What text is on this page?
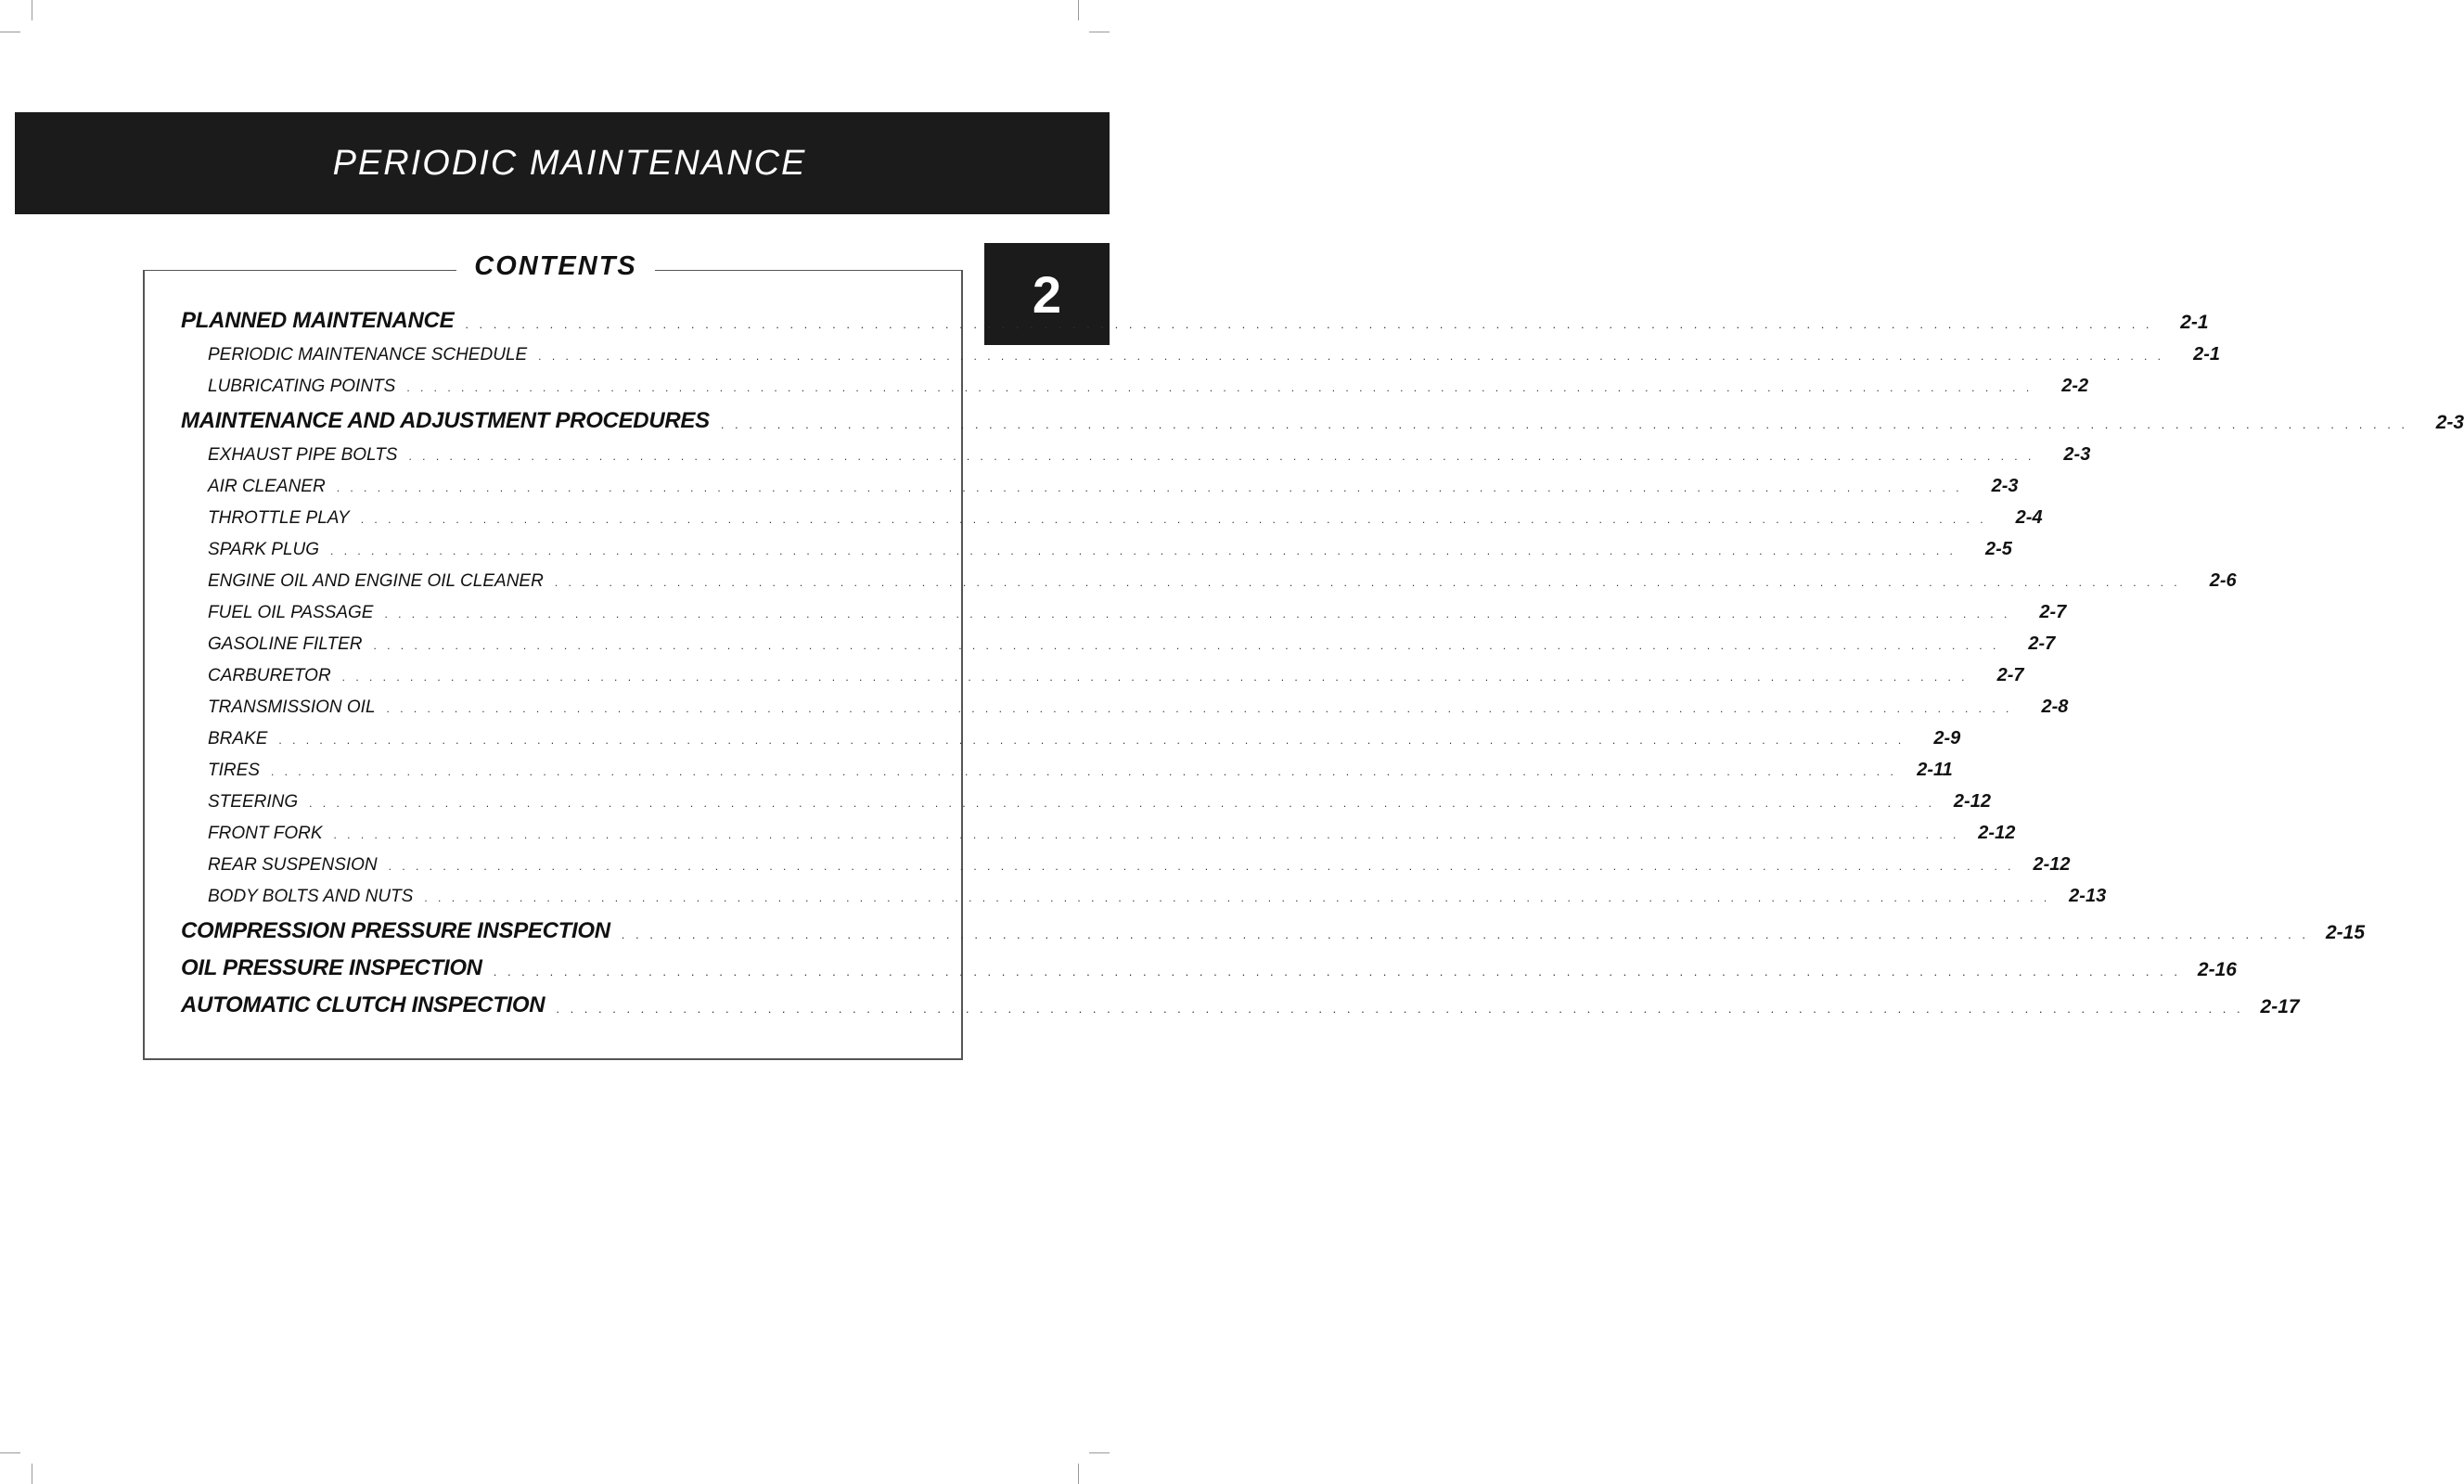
PERIODIC MAINTENANCE
2
CONTENTS
PLANNED MAINTENANCE . . . . . . . . . . . . . . . . . . . . . . . . . . . . . . . . . . . . . . . . . . . . . . . . . . . . . . . . . . . . . . . . . . . . . . . . . . . . . . . . . . . . . . . . . . . . . . . . . . . . . . . . . . . . . . . . . . . . . . . .	2-1
PERIODIC MAINTENANCE SCHEDULE . . . . . . . . . . . . . . . . . . . . . . . . . . . . . . . . . . . . . . . . . . . . . . . . . . . . . . . . . . . . . . . . . . . . . . . . . . . . . . . . . . . . . . . . . . . . . . . . . . . . . . . . . . . . . . . . . . . . . . . .	2-1
LUBRICATING POINTS . . . . . . . . . . . . . . . . . . . . . . . . . . . . . . . . . . . . . . . . . . . . . . . . . . . . . . . . . . . . . . . . . . . . . . . . . . . . . . . . . . . . . . . . . . . . . . . . . . . . . . . . . . . . . . . . . . . . . . . .	2-2
MAINTENANCE AND ADJUSTMENT PROCEDURES . . . . . . . . . . . . . . . . . . . . . . . . . . . . . . . . . . . . . . . . . . . . . . . . . . . . . . . . . . . . . . . . . . . . . . . . . . . . . . . . . . . . . . . . . . . . . . . . . . . . . . . . . . . . . . . . . . . . . . . .	2-3
EXHAUST PIPE BOLTS . . . . . . . . . . . . . . . . . . . . . . . . . . . . . . . . . . . . . . . . . . . . . . . . . . . . . . . . . . . . . . . . . . . . . . . . . . . . . . . . . . . . . . . . . . . . . . . . . . . . . . . . . . . . . . . . . . . . . . . .	2-3
AIR CLEANER . . . . . . . . . . . . . . . . . . . . . . . . . . . . . . . . . . . . . . . . . . . . . . . . . . . . . . . . . . . . . . . . . . . . . . . . . . . . . . . . . . . . . . . . . . . . . . . . . . . . . . . . . . . . . . . . . . . . . . . .	2-3
THROTTLE PLAY . . . . . . . . . . . . . . . . . . . . . . . . . . . . . . . . . . . . . . . . . . . . . . . . . . . . . . . . . . . . . . . . . . . . . . . . . . . . . . . . . . . . . . . . . . . . . . . . . . . . . . . . . . . . . . . . . . . . . . . .	2-4
SPARK PLUG . . . . . . . . . . . . . . . . . . . . . . . . . . . . . . . . . . . . . . . . . . . . . . . . . . . . . . . . . . . . . . . . . . . . . . . . . . . . . . . . . . . . . . . . . . . . . . . . . . . . . . . . . . . . . . . . . . . . . . . .	2-5
ENGINE OIL AND ENGINE OIL CLEANER . . . . . . . . . . . . . . . . . . . . . . . . . . . . . . . . . . . . . . . . . . . . . . . . . . . . . . . . . . . . . . . . . . . . . . . . . . . . . . . . . . . . . . . . . . . . . . . . . . . . . . . . . . . . . . . . . . . . . . . .	2-6
FUEL OIL PASSAGE . . . . . . . . . . . . . . . . . . . . . . . . . . . . . . . . . . . . . . . . . . . . . . . . . . . . . . . . . . . . . . . . . . . . . . . . . . . . . . . . . . . . . . . . . . . . . . . . . . . . . . . . . . . . . . . . . . . . . . . .	2-7
GASOLINE FILTER . . . . . . . . . . . . . . . . . . . . . . . . . . . . . . . . . . . . . . . . . . . . . . . . . . . . . . . . . . . . . . . . . . . . . . . . . . . . . . . . . . . . . . . . . . . . . . . . . . . . . . . . . . . . . . . . . . . . . . . .	2-7
CARBURETOR . . . . . . . . . . . . . . . . . . . . . . . . . . . . . . . . . . . . . . . . . . . . . . . . . . . . . . . . . . . . . . . . . . . . . . . . . . . . . . . . . . . . . . . . . . . . . . . . . . . . . . . . . . . . . . . . . . . . . . . .	2-7
TRANSMISSION OIL . . . . . . . . . . . . . . . . . . . . . . . . . . . . . . . . . . . . . . . . . . . . . . . . . . . . . . . . . . . . . . . . . . . . . . . . . . . . . . . . . . . . . . . . . . . . . . . . . . . . . . . . . . . . . . . . . . . . . . . .	2-8
BRAKE . . . . . . . . . . . . . . . . . . . . . . . . . . . . . . . . . . . . . . . . . . . . . . . . . . . . . . . . . . . . . . . . . . . . . . . . . . . . . . . . . . . . . . . . . . . . . . . . . . . . . . . . . . . . . . . . . . . . . . . .	2-9
TIRES . . . . . . . . . . . . . . . . . . . . . . . . . . . . . . . . . . . . . . . . . . . . . . . . . . . . . . . . . . . . . . . . . . . . . . . . . . . . . . . . . . . . . . . . . . . . . . . . . . . . . . . . . . . . . . . . . . . . . . . .	2-11
STEERING . . . . . . . . . . . . . . . . . . . . . . . . . . . . . . . . . . . . . . . . . . . . . . . . . . . . . . . . . . . . . . . . . . . . . . . . . . . . . . . . . . . . . . . . . . . . . . . . . . . . . . . . . . . . . . . . . . . . . . . . 2-12
FRONT FORK . . . . . . . . . . . . . . . . . . . . . . . . . . . . . . . . . . . . . . . . . . . . . . . . . . . . . . . . . . . . . . . . . . . . . . . . . . . . . . . . . . . . . . . . . . . . . . . . . . . . . . . . . . . . . . . . . . . . . . . . 2-12
REAR SUSPENSION . . . . . . . . . . . . . . . . . . . . . . . . . . . . . . . . . . . . . . . . . . . . . . . . . . . . . . . . . . . . . . . . . . . . . . . . . . . . . . . . . . . . . . . . . . . . . . . . . . . . . . . . . . . . . . . . . . . . . . . . 2-12
BODY BOLTS AND NUTS . . . . . . . . . . . . . . . . . . . . . . . . . . . . . . . . . . . . . . . . . . . . . . . . . . . . . . . . . . . . . . . . . . . . . . . . . . . . . . . . . . . . . . . . . . . . . . . . . . . . . . . . . . . . . . . . . . . . . . . . 2-13
COMPRESSION PRESSURE INSPECTION . . . . . . . . . . . . . . . . . . . . . . . . . . . . . . . . . . . . . . . . . . . . . . . . . . . . . . . . . . . . . . . . . . . . . . . . . . . . . . . . . . . . . . . . . . . . . . . . . . . . . . . . . . . . . . . . . . . . . . . . 2-15
OIL PRESSURE INSPECTION . . . . . . . . . . . . . . . . . . . . . . . . . . . . . . . . . . . . . . . . . . . . . . . . . . . . . . . . . . . . . . . . . . . . . . . . . . . . . . . . . . . . . . . . . . . . . . . . . . . . . . . . . . . . . . . . . . . . . . . . 2-16
AUTOMATIC CLUTCH INSPECTION . . . . . . . . . . . . . . . . . . . . . . . . . . . . . . . . . . . . . . . . . . . . . . . . . . . . . . . . . . . . . . . . . . . . . . . . . . . . . . . . . . . . . . . . . . . . . . . . . . . . . . . . . . . . . . . . . . . . . . . . 2-17
